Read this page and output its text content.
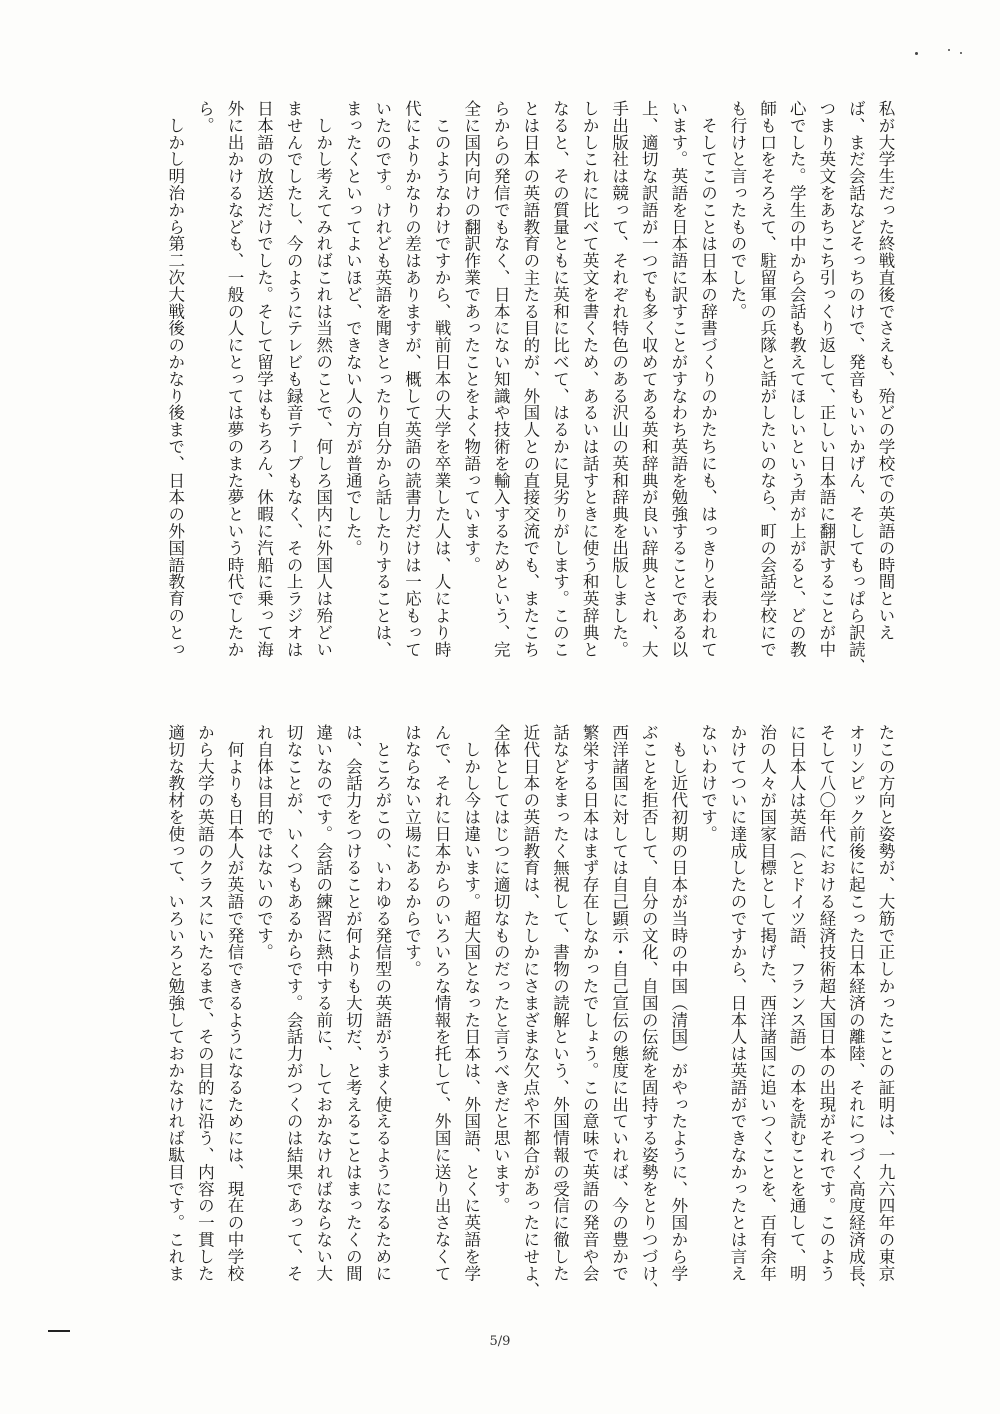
私が大学生だった終戦直後でさえも、殆どの学校での英語の時間といえ
ば、まだ会話などそっちのけで、発音もいいかげん、そしてもっぱら訳読、
つまり英文をあちこち引っくり返して、正しい日本語に翻訳することが中
心でした。学生の中から会話も教えてほしいという声が上がると、どの教
師も口をそろえて、駐留軍の兵隊と話がしたいのなら、町の会話学校にで
も行けと言ったものでした。
　そしてこのことは日本の辞書づくりのかたちにも、はっきりと表われて
います。英語を日本語に訳すことがすなわち英語を勉強することである以
上、適切な訳語が一つでも多く収めてある英和辞典が良い辞典とされ、大
手出版社は競って、それぞれ特色のある沢山の英和辞典を出版しました。
しかしこれに比べて英文を書くため、あるいは話すときに使う和英辞典と
なると、その質量ともに英和に比べて、はるかに見劣りがします。このこ
とは日本の英語教育の主たる目的が、外国人との直接交流でも、またこち
らからの発信でもなく、日本にない知識や技術を輸入するためという、完
全に国内向けの翻訳作業であったことをよく物語っています。
　このようなわけですから、戦前日本の大学を卒業した人は、人により時
代によりかなりの差はありますが、概して英語の読書力だけは一応もって
いたのです。けれども英語を聞きとったり自分から話したりすることは、
まったくといってよいほど、できない人の方が普通でした。
　しかし考えてみればこれは当然のことで、何しろ国内に外国人は殆どい
ませんでしたし、今のようにテレビも録音テープもなく、その上ラジオは
日本語の放送だけでした。そして留学はもちろん、休暇に汽船に乗って海
外に出かけるなども、一般の人にとっては夢のまた夢という時代でしたか
ら。
　しかし明治から第二次大戦後のかなり後まで、日本の外国語教育のとっ
たこの方向と姿勢が、大筋で正しかったことの証明は、一九六四年の東京
オリンピック前後に起こった日本経済の離陸、それにつづく高度経済成長、
そして八〇年代における経済技術超大国日本の出現がそれです。このよう
に日本人は英語（とドイツ語、フランス語）の本を読むことを通して、明
治の人々が国家目標として掲げた、西洋諸国に追いつくことを、百有余年
かけてついに達成したのですから、日本人は英語ができなかったとは言え
ないわけです。
　もし近代初期の日本が当時の中国（清国）がやったように、外国から学
ぶことを拒否して、自分の文化、自国の伝統を固持する姿勢をとりつづけ、
西洋諸国に対しては自己顕示・自己宣伝の態度に出ていれば、今の豊かで
繁栄する日本はまず存在しなかったでしょう。この意味で英語の発音や会
話などをまったく無視して、書物の読解という、外国情報の受信に徹した
近代日本の英語教育は、たしかにさまざまな欠点や不都合があったにせよ、
全体としてはじつに適切なものだったと言うべきだと思います。
　しかし今は違います。超大国となった日本は、外国語、とくに英語を学
んで、それに日本からのいろいろな情報を托して、外国に送り出さなくて
はならない立場にあるからです。
　ところがこの、いわゆる発信型の英語がうまく使えるようになるために
は、会話力をつけることが何よりも大切だ、と考えることはまったくの間
違いなのです。会話の練習に熱中する前に、しておかなければならない大
切なことが、いくつもあるからです。会話力がつくのは結果であって、そ
れ自体は目的ではないのです。
　何よりも日本人が英語で発信できるようになるためには、現在の中学校
から大学の英語のクラスにいたるまで、その目的に沿う、内容の一貫した
適切な教材を使って、いろいろと勉強しておかなければ駄目です。これま
5/9
